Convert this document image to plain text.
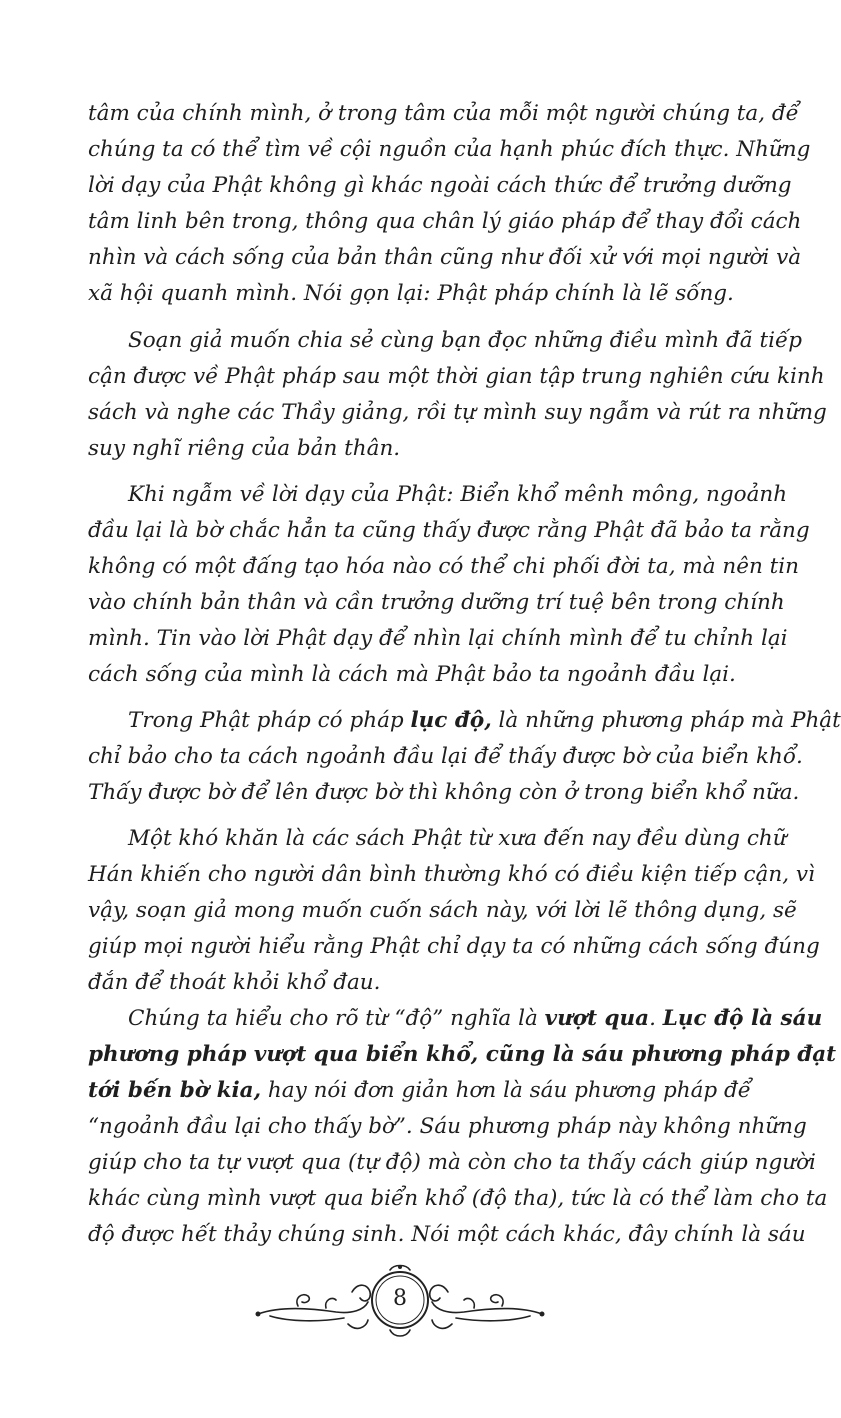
tâm của chính mình, ở trong tâm của mỗi một người chúng ta, để
chúng ta có thể tìm về cội nguồn của hạnh phúc đích thực. Những
lời dạy của Phật không gì khác ngoài cách thức để trưởng dưỡng
tâm linh bên trong, thông qua chân lý giáo pháp để thay đổi cách
nhìn và cách sống của bản thân cũng như đối xử với mọi người và
xã hội quanh mình. Nói gọn lại: Phật pháp chính là lẽ sống.
Soạn giả muốn chia sẻ cùng bạn đọc những điều mình đã tiếp
cận được về Phật pháp sau một thời gian tập trung nghiên cứu kinh
sách và nghe các Thầy giảng, rồi tự mình suy ngẫm và rút ra những
suy nghĩ riêng của bản thân.
Khi ngẫm về lời dạy của Phật: Biển khổ mênh mông, ngoảnh
đầu lại là bờ chắc hẳn ta cũng thấy được rằng Phật đã bảo ta rằng
không có một đấng tạo hóa nào có thể chi phối đời ta, mà nên tin
vào chính bản thân và cần trưởng dưỡng trí tuệ bên trong chính
mình. Tin vào lời Phật dạy để nhìn lại chính mình để tu chỉnh lại
cách sống của mình là cách mà Phật bảo ta ngoảnh đầu lại.
Trong Phật pháp có pháp lục độ, là những phương pháp mà Phật
chỉ bảo cho ta cách ngoảnh đầu lại để thấy được bờ của biển khổ.
Thấy được bờ để lên được bờ thì không còn ở trong biển khổ nữa.
Một khó khăn là các sách Phật từ xưa đến nay đều dùng chữ
Hán khiến cho người dân bình thường khó có điều kiện tiếp cận, vì
vậy, soạn giả mong muốn cuốn sách này, với lời lẽ thông dụng, sẽ
giúp mọi người hiểu rằng Phật chỉ dạy ta có những cách sống đúng
đắn để thoát khỏi khổ đau.
Chúng ta hiểu cho rõ từ “độ” nghĩa là vượt qua. Lục độ là sáu
phương pháp vượt qua biển khổ, cũng là sáu phương pháp đạt
tới bến bờ kia, hay nói đơn giản hơn là sáu phương pháp để
“ngoảnh đầu lại cho thấy bờ”. Sáu phương pháp này không những
giúp cho ta tự vượt qua (tự độ) mà còn cho ta thấy cách giúp người
khác cùng mình vượt qua biển khổ (độ tha), tức là có thể làm cho ta
độ được hết thảy chúng sinh. Nói một cách khác, đây chính là sáu
8
